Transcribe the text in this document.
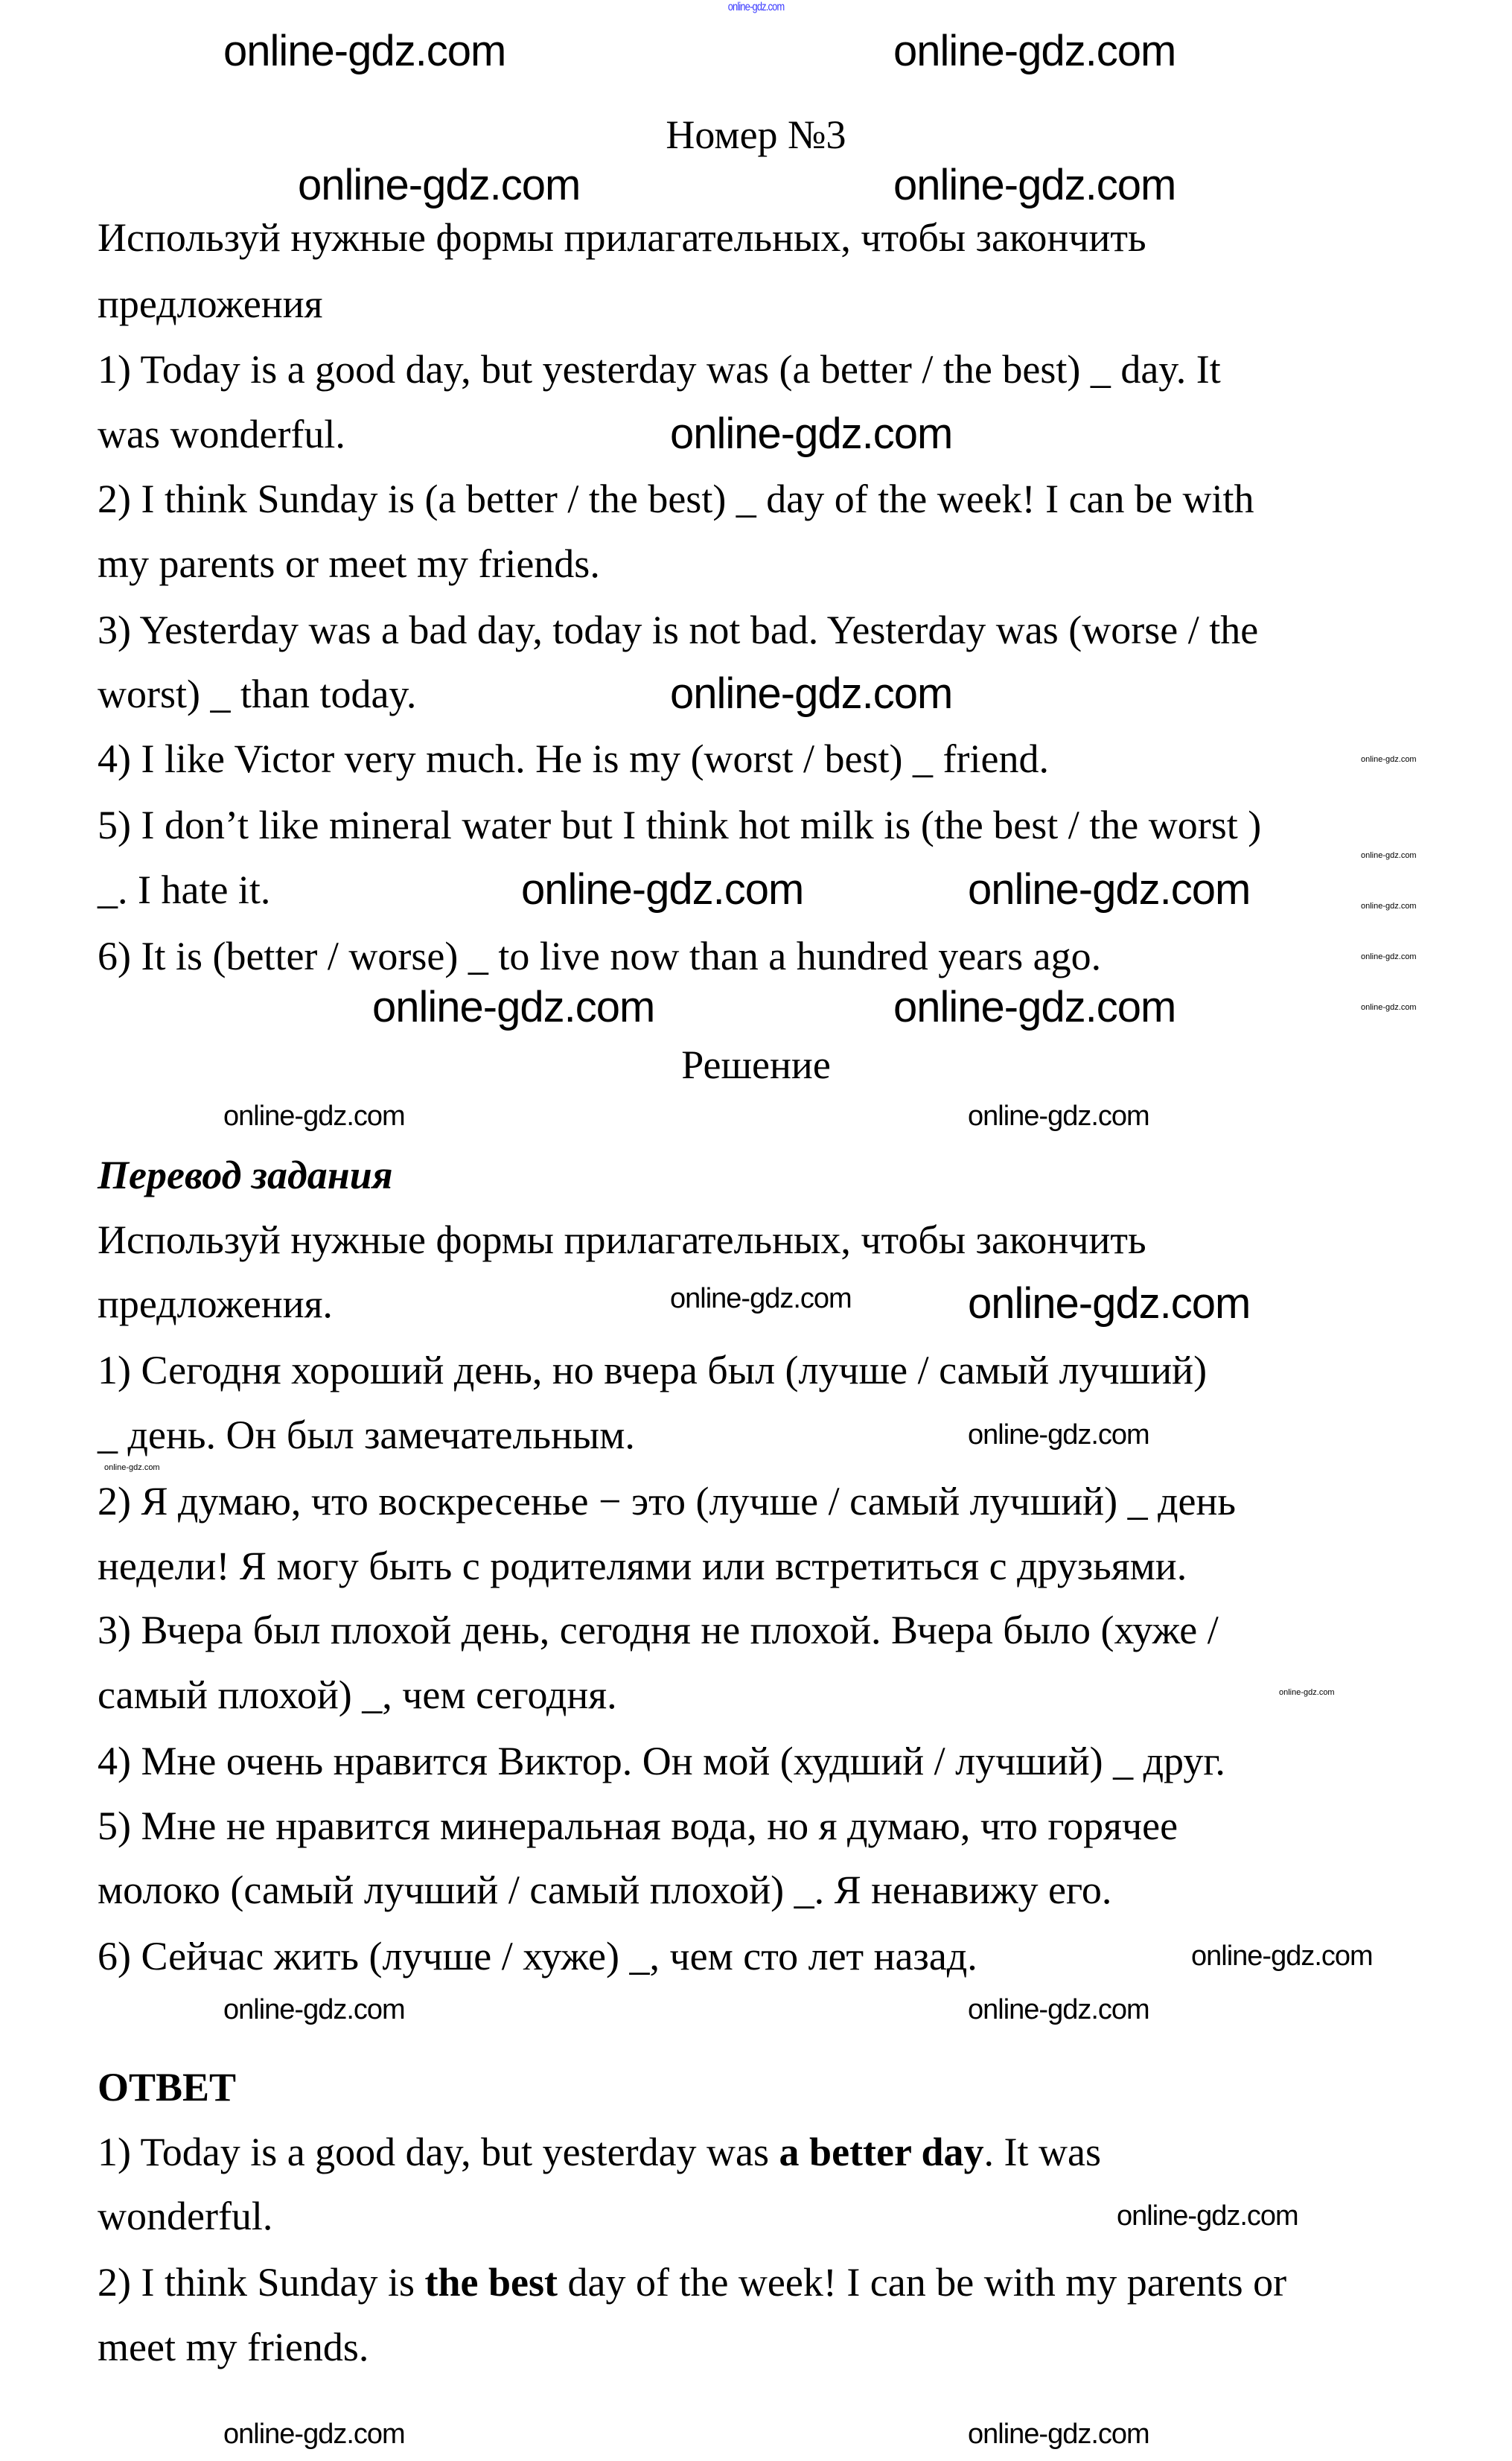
online-gdz.com
Номер №3
Используй нужные формы прилагательных, чтобы закончить
предложения
1) Today is a good day, but yesterday was (a better / the best) _ day. It
was wonderful.
2) I think Sunday is (a better / the best) _ day of the week! I can be with
my parents or meet my friends.
3) Yesterday was a bad day, today is not bad. Yesterday was (worse / the
worst) _ than today.
4) I like Victor very much. He is my (worst / best) _ friend.
5) I don’t like mineral water but I think hot milk is (the best / the worst )
_. I hate it.
6) It is (better / worse) _ to live now than a hundred years ago.
Решение
Перевод задания
Используй нужные формы прилагательных, чтобы закончить
предложения.
1) Сегодня хороший день, но вчера был (лучше / самый лучший)
_ день. Он был замечательным.
2) Я думаю, что воскресенье − это (лучше / самый лучший) _ день
недели! Я могу быть с родителями или встретиться с друзьями.
3) Вчера был плохой день, сегодня не плохой. Вчера было (хуже /
самый плохой) _, чем сегодня.
4) Мне очень нравится Виктор. Он мой (худший / лучший) _ друг.
5) Мне не нравится минеральная вода, но я думаю, что горячее
молоко (самый лучший / самый плохой) _. Я ненавижу его.
6) Сейчас жить (лучше / хуже) _, чем сто лет назад.
ОТВЕТ
1) Today is a good day, but yesterday was a better day. It was
wonderful.
2) I think Sunday is the best day of the week! I can be with my parents or
meet my friends.
online-gdz.com	online-gdz.com
online-gdz.com	online-gdz.com
online-gdz.com
online-gdz.com
online-gdz.com
online-gdz.com
online-gdz.com	online-gdz.com	online-gdz.com
online-gdz.com
online-gdz.com
online-gdz.com	online-gdz.com
online-gdz.com	online-gdz.com
online-gdz.com	online-gdz.com
online-gdz.com
online-gdz.com
online-gdz.com
online-gdz.com
online-gdz.com	online-gdz.com
online-gdz.com
online-gdz.com	online-gdz.com
